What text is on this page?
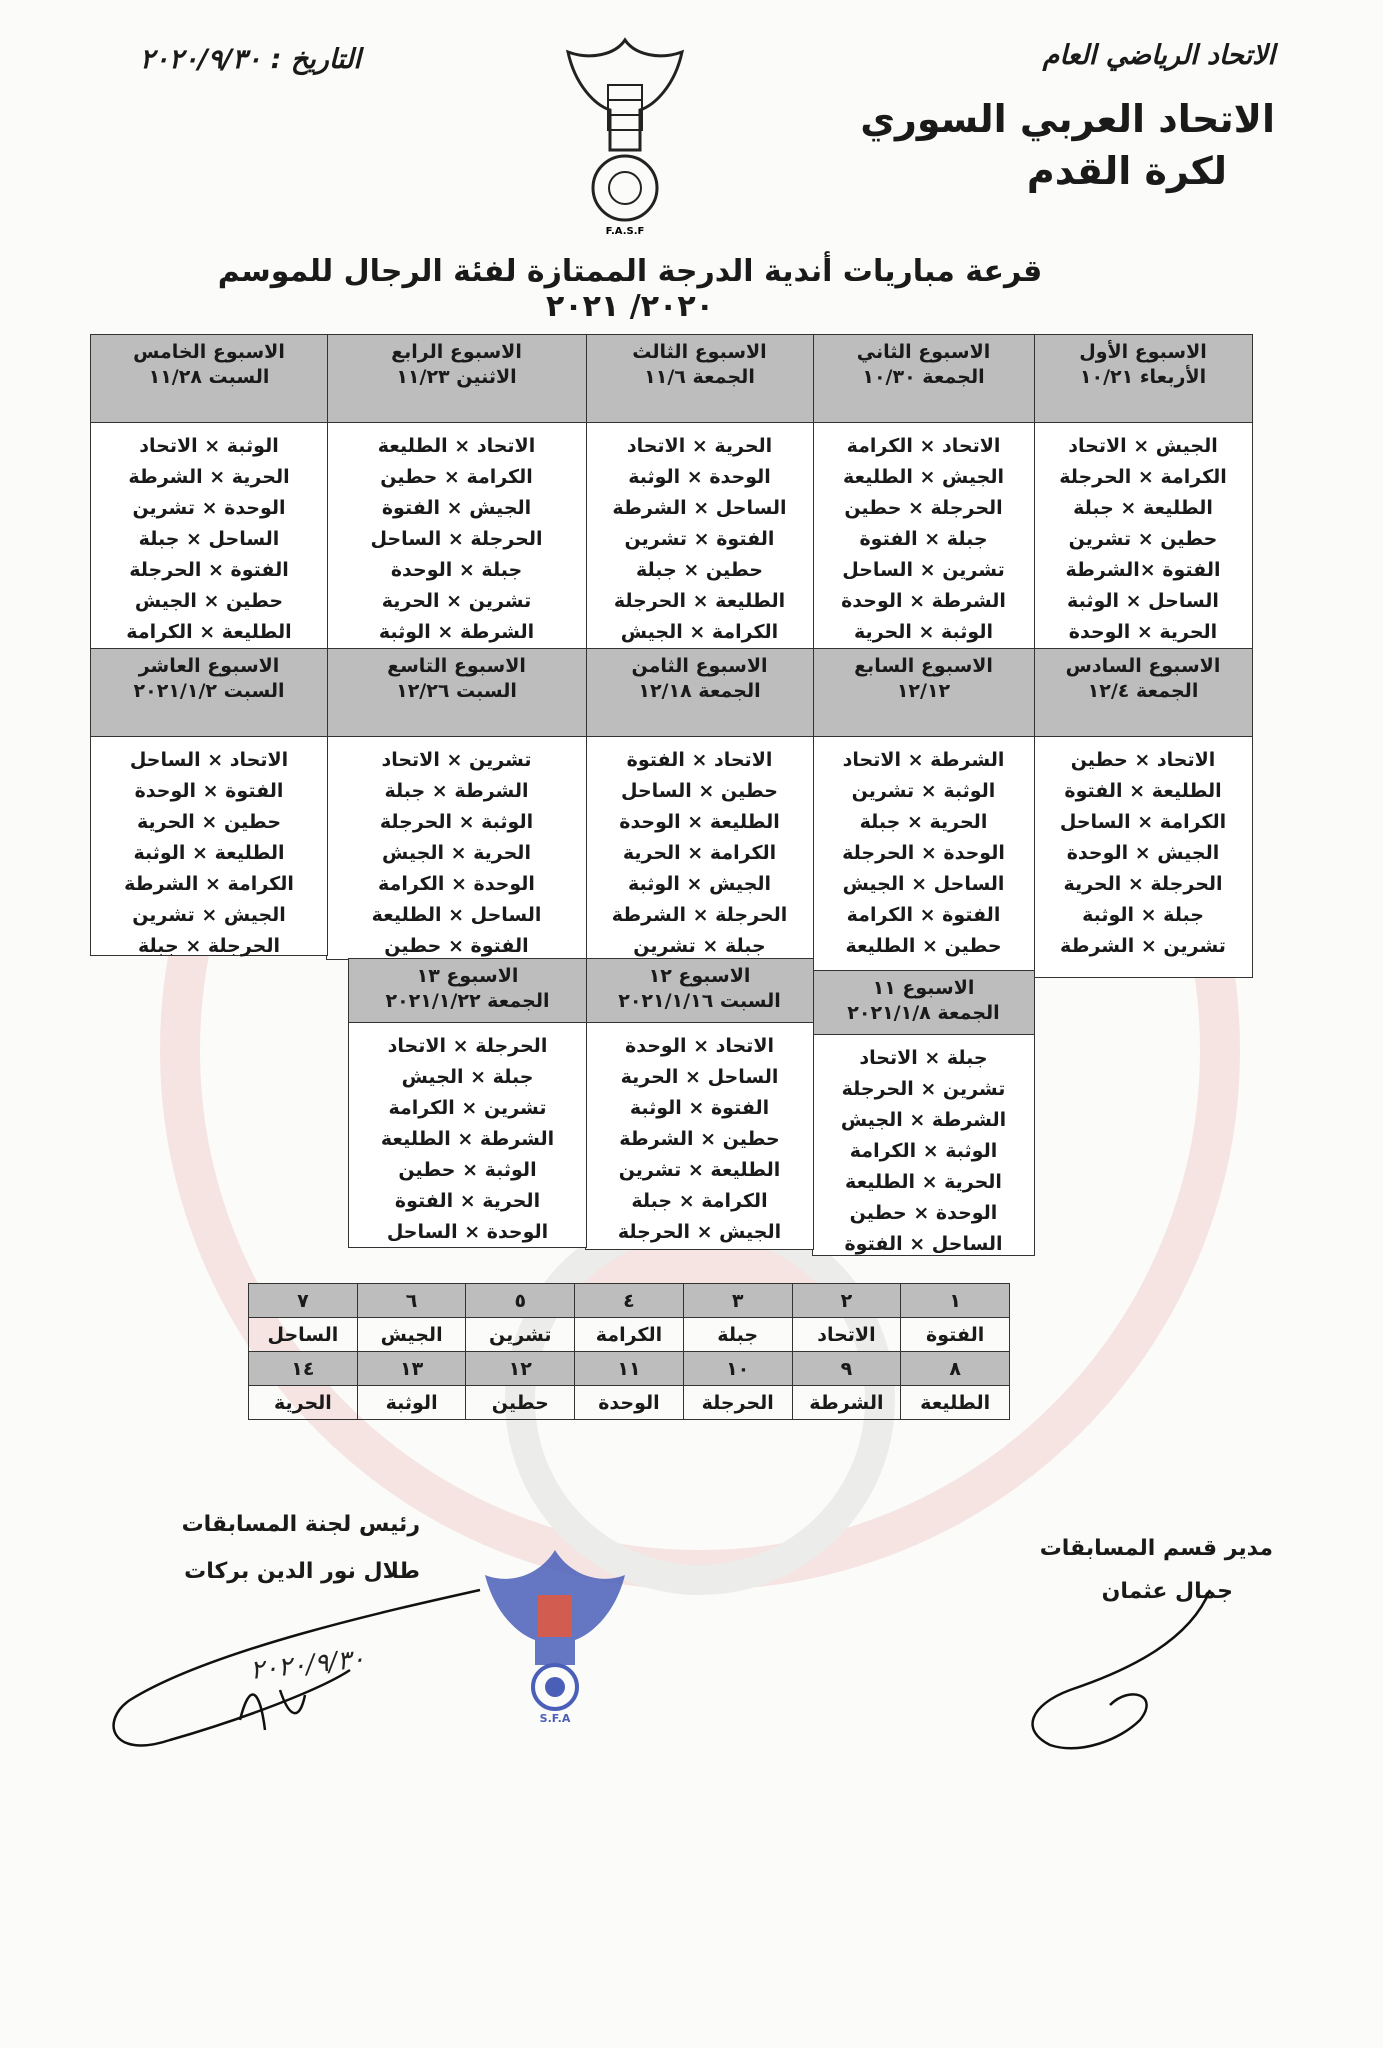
الاتحاد الرياضي العام
الاتحاد العربي السوري
لكرة القدم
التاريخ : ٢٠٢٠/٩/٣٠
F.A.S.F
قرعة مباريات أندية الدرجة الممتازة لفئة الرجال للموسم ٢٠٢٠/ ٢٠٢١
الاسبوع الأول
الأربعاء ١٠/٢١
الجيش × الاتحاد
الكرامة × الحرجلة
الطليعة × جبلة
حطين × تشرين
الفتوة ×الشرطة
الساحل × الوثبة
الحرية × الوحدة
الاسبوع الثاني
الجمعة ١٠/٣٠
الاتحاد × الكرامة
الجيش × الطليعة
الحرجلة × حطين
جبلة × الفتوة
تشرين × الساحل
الشرطة × الوحدة
الوثبة × الحرية
الاسبوع الثالث
الجمعة ١١/٦
الحرية × الاتحاد
الوحدة × الوثبة
الساحل × الشرطة
الفتوة × تشرين
حطين × جبلة
الطليعة × الحرجلة
الكرامة × الجيش
الاسبوع الرابع
الاثنين ١١/٢٣
الاتحاد × الطليعة
الكرامة × حطين
الجيش × الفتوة
الحرجلة × الساحل
جبلة × الوحدة
تشرين × الحرية
الشرطة × الوثبة
الاسبوع الخامس
السبت ١١/٢٨
الوثبة × الاتحاد
الحرية × الشرطة
الوحدة × تشرين
الساحل × جبلة
الفتوة × الحرجلة
حطين × الجيش
الطليعة × الكرامة
الاسبوع السادس
الجمعة ١٢/٤
الاتحاد × حطين
الطليعة × الفتوة
الكرامة × الساحل
الجيش × الوحدة
الحرجلة × الحرية
جبلة × الوثبة
تشرين × الشرطة
الاسبوع السابع
١٢/١٢
الشرطة × الاتحاد
الوثبة × تشرين
الحرية × جبلة
الوحدة × الحرجلة
الساحل × الجيش
الفتوة × الكرامة
حطين × الطليعة
الاسبوع الثامن
الجمعة ١٢/١٨
الاتحاد × الفتوة
حطين × الساحل
الطليعة × الوحدة
الكرامة × الحرية
الجيش × الوثبة
الحرجلة × الشرطة
جبلة × تشرين
الاسبوع التاسع
السبت ١٢/٢٦
تشرين × الاتحاد
الشرطة × جبلة
الوثبة × الحرجلة
الحرية × الجيش
الوحدة × الكرامة
الساحل × الطليعة
الفتوة × حطين
الاسبوع العاشر
السبت ٢٠٢١/١/٢
الاتحاد × الساحل
الفتوة × الوحدة
حطين × الحرية
الطليعة × الوثبة
الكرامة × الشرطة
الجيش × تشرين
الحرجلة × جبلة
الاسبوع ١١
الجمعة ٢٠٢١/١/٨
جبلة × الاتحاد
تشرين × الحرجلة
الشرطة × الجيش
الوثبة × الكرامة
الحرية × الطليعة
الوحدة × حطين
الساحل × الفتوة
الاسبوع ١٢
السبت ٢٠٢١/١/١٦
الاتحاد × الوحدة
الساحل × الحرية
الفتوة × الوثبة
حطين × الشرطة
الطليعة × تشرين
الكرامة × جبلة
الجيش × الحرجلة
الاسبوع ١٣
الجمعة ٢٠٢١/١/٢٢
الحرجلة × الاتحاد
جبلة × الجيش
تشرين × الكرامة
الشرطة × الطليعة
الوثبة × حطين
الحرية × الفتوة
الوحدة × الساحل
١	٢	٣	٤	٥	٦	٧
الفتوة	الاتحاد	جبلة	الكرامة	تشرين	الجيش	الساحل
٨	٩	١٠	١١	١٢	١٣	١٤
الطليعة	الشرطة	الحرجلة	الوحدة	حطين	الوثبة	الحرية
رئيس لجنة المسابقات
طلال نور الدين بركات
مدير قسم المسابقات
جمال عثمان
٢٠٢٠/٩/٣٠
S.F.A
